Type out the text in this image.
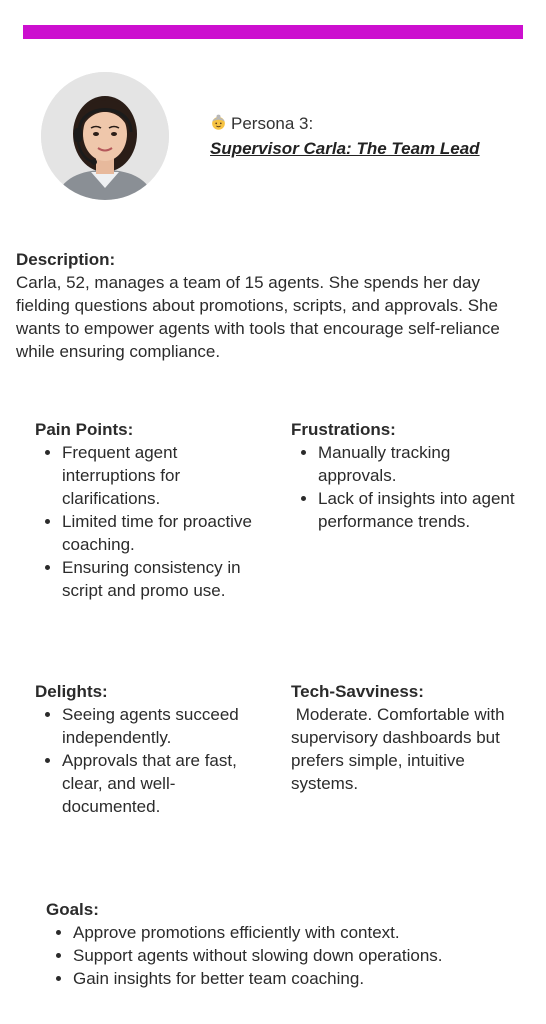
Persona 3:
Supervisor Carla: The Team Lead
Description:
Carla, 52, manages a team of 15 agents. She spends her day fielding questions about promotions, scripts, and approvals. She wants to empower agents with tools that encourage self-reliance while ensuring compliance.
Pain Points:
• Frequent agent interruptions for clarifications.
• Limited time for proactive coaching.
• Ensuring consistency in script and promo use.
Frustrations:
• Manually tracking approvals.
• Lack of insights into agent performance trends.
Delights:
• Seeing agents succeed independently.
• Approvals that are fast, clear, and well-documented.
Tech-Savviness:
Moderate. Comfortable with supervisory dashboards but prefers simple, intuitive systems.
Goals:
• Approve promotions efficiently with context.
• Support agents without slowing down operations.
• Gain insights for better team coaching.
